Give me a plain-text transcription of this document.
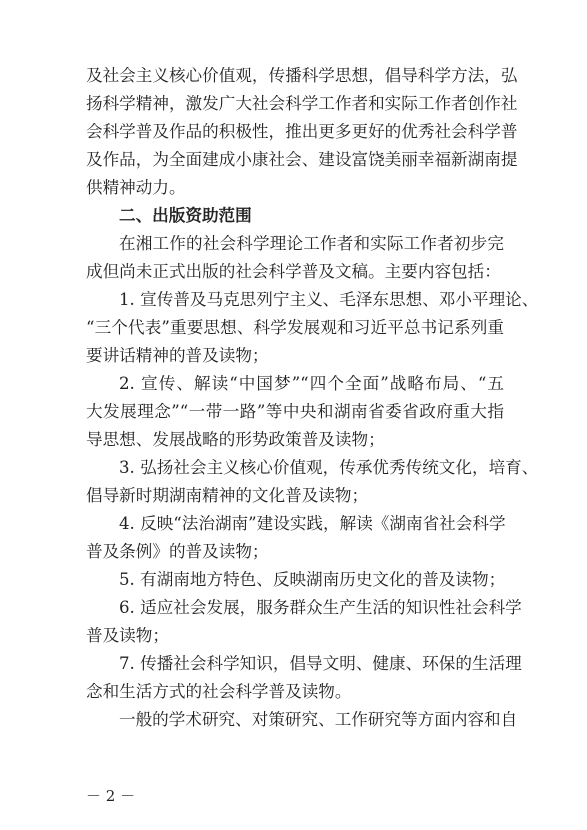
及社会主义核心价值观，传播科学思想，倡导科学方法，弘
扬科学精神，激发广大社会科学工作者和实际工作者创作社
会科学普及作品的积极性，推出更多更好的优秀社会科学普
及作品，为全面建成小康社会、建设富饶美丽幸福新湖南提
供精神动力。
二、出版资助范围
在湘工作的社会科学理论工作者和实际工作者初步完
成但尚未正式出版的社会科学普及文稿。主要内容包括：
1. 宣传普及马克思列宁主义、毛泽东思想、邓小平理论、
“三个代表”重要思想、科学发展观和习近平总书记系列重
要讲话精神的普及读物；
2. 宣传、解读“中国梦”“四个全面”战略布局、“五
大发展理念”“一带一路”等中央和湖南省委省政府重大指
导思想、发展战略的形势政策普及读物；
3. 弘扬社会主义核心价值观，传承优秀传统文化，培育、
倡导新时期湖南精神的文化普及读物；
4. 反映“法治湖南”建设实践，解读《湖南省社会科学
普及条例》的普及读物；
5. 有湖南地方特色、反映湖南历史文化的普及读物；
6. 适应社会发展，服务群众生产生活的知识性社会科学
普及读物；
7. 传播社会科学知识，倡导文明、健康、环保的生活理
念和生活方式的社会科学普及读物。
一般的学术研究、对策研究、工作研究等方面内容和自
－ 2 －
